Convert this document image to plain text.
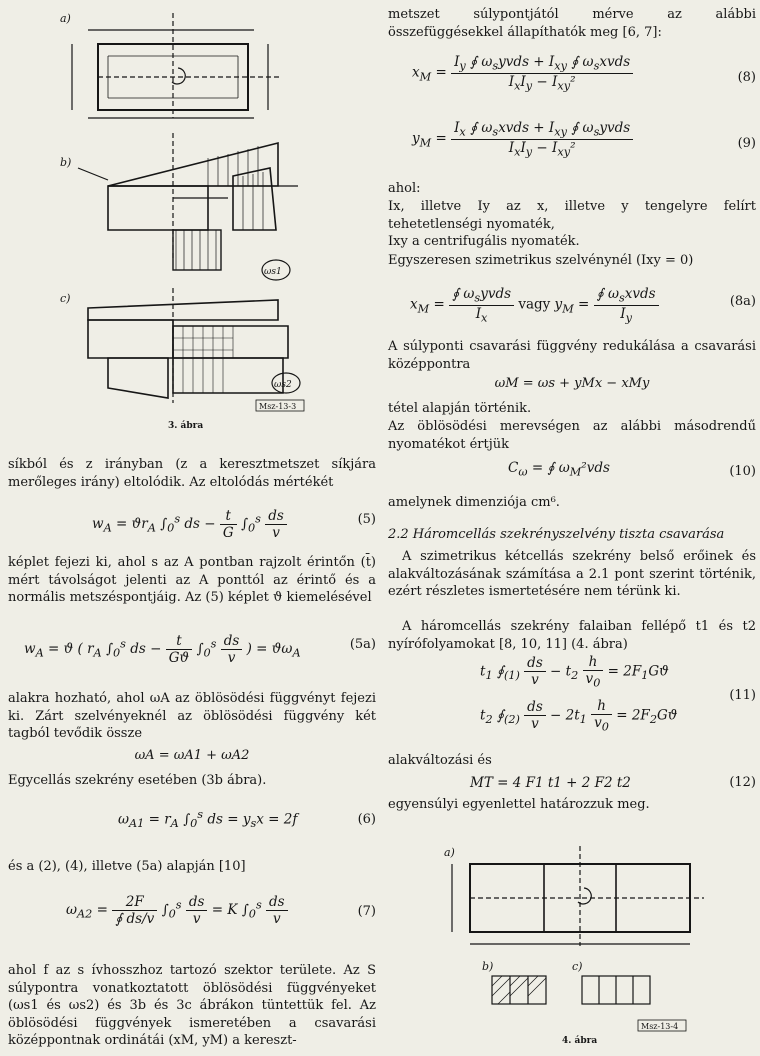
a)
b)
c)
ωs1
ωs2
Msz-13-3
3. ábra
síkból és z irányban (z a keresztmetszet síkjára merőleges irány) eltolódik. Az eltolódás mértékét
$w_A = ϑr_A$ $\int_0^s$ ds − $\frac{t}{G} \int_0^s \frac{ds}{v}$	(5)
képlet fejezi ki, ahol s az A pontban rajzolt érintőn (t̄) mért távolságot jelenti az A ponttól az érintő és a normális metszéspontjáig. Az (5) képlet ϑ kiemelésével
$w_A = ϑ$ ( $r_A$ $\int_0^s$ ds − $\frac{t}{Gϑ} \int_0^s \frac{ds}{v}$ ) = $ϑ\omega_A$
(5a)
alakra hozható, ahol ωA az öblösödési függvényt fejezi ki. Zárt szelvényeknél az öblösödési függvény két tagból tevődik össze
ωA = ωA1 + ωA2
Egycellás szekrény esetében (3b ábra).
$\omega_{A1} = r_A$ $\int_0^s$ ds = $y_sx = 2f$	(6)
és a (2), (4), illetve (5a) alapján [10]
$\omega_{A2} = \frac{2F}{∮ ds/v} \int_0^s \frac{ds}{v} = K$ $\int_0^s \frac{ds}{v}$	(7)
ahol f az s ívhosszhoz tartozó szektor területe. Az S súlypontra vonatkoztatott öblösödési függvényeket (ωs1 és ωs2) és 3b és 3c ábrákon tüntettük fel. Az öblösödési függvények ismeretében a csavarási középpontnak ordinátái (xM, yM) a kereszt-
metszet súlypontjától mérve az alábbi összefüggésekkel állapíthatók meg [6, 7]:
$x_M = \frac{I_y ∮ \omega_syvds + I_{xy} ∮ \omega_sxvds}{I_xI_y - I_{xy}^2}$	(8)
$y_M = \frac{I_x ∮ \omega_sxvds + I_{xy} ∮ \omega_syvds}{I_xI_y - I_{xy}^2}$	(9)
ahol:
Ix, illetve Iy az x, illetve y tengelyre felírt tehetetlenségi nyomaték,
Ixy a centrifugális nyomaték.
Egyszeresen szimetrikus szelvénynél (Ixy = 0)
$x_M = \frac{∮ \omega_syvds}{I_x}$ vagy $y_M = \frac{∮ \omega_sxvds}{I_y}$	(8a)
A súlyponti csavarási függvény redukálása a csavarási középpontra
ωM = ωs + yMx − xMy
tétel alapján történik.
Az öblösödési merevségen az alábbi másodrendű nyomatékot értjük
$C_\omega$ = ∮ $\omega_M^2vds$	(10)
amelynek dimenziója cm⁶.
2.2 Háromcellás szekrényszelvény tiszta csavarása
A szimetrikus kétcellás szekrény belső erőinek és alakváltozásának számítása a 2.1 pont szerint történik, ezért részletes ismertetésére nem térünk ki.
A háromcellás szekrény falaiban fellépő t1 és t2 nyírófolyamokat [8, 10, 11] (4. ábra)
$t_1$ $∮_{(1)} \frac{ds}{v} - t_2 \frac{h}{v_0} = 2F_1Gϑ$
$t_2$ $∮_{(2)} \frac{ds}{v} - 2t_1 \frac{h}{v_0} = 2F_2Gϑ$
(11)
alakváltozási és
MT = 4 F1 t1 + 2 F2 t2	(12)
egyensúlyi egyenlettel határozzuk meg.
a)
b)	c)
Msz-13-4
4. ábra
